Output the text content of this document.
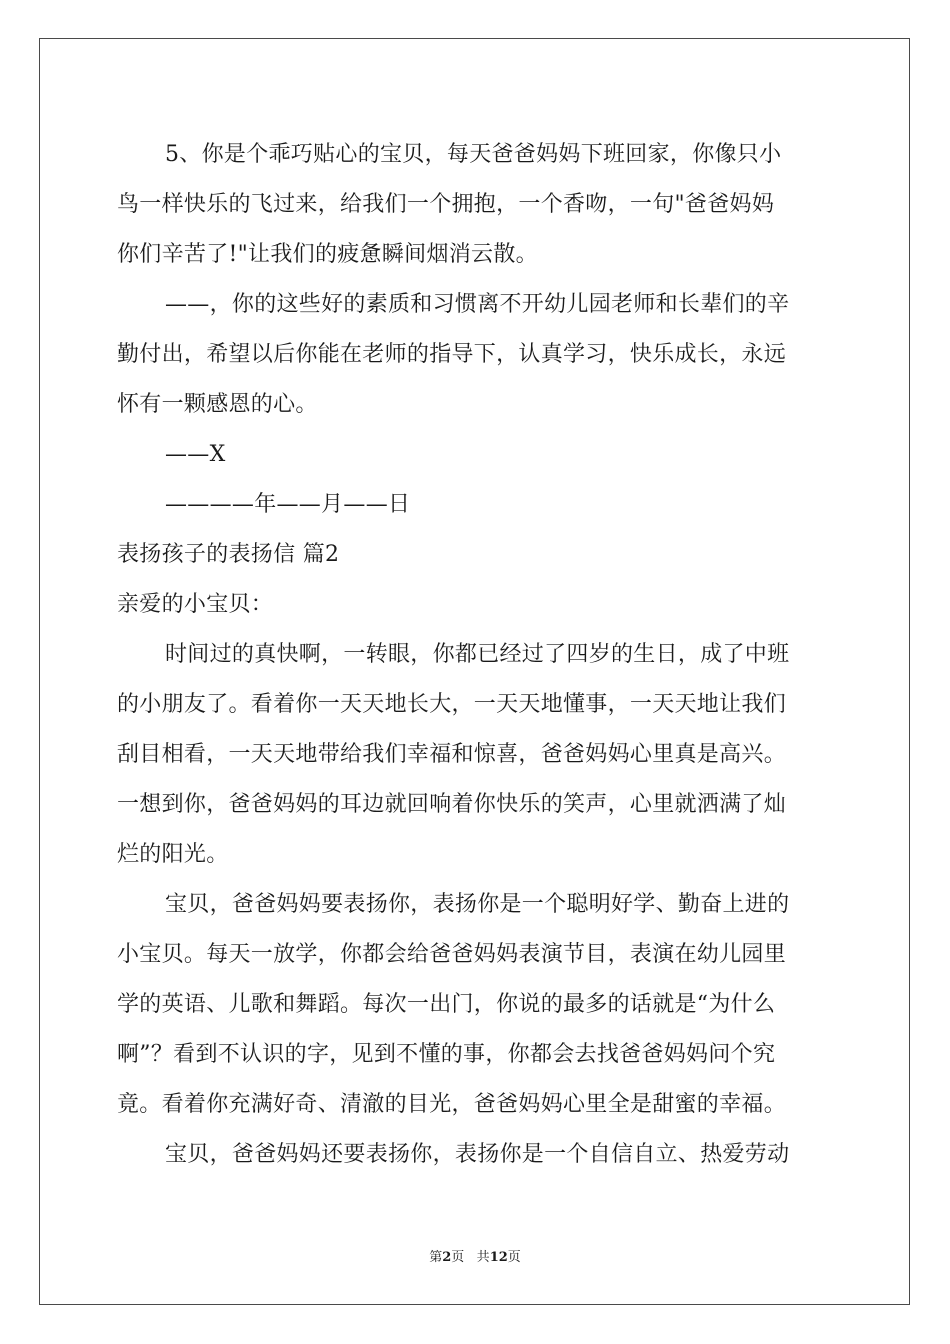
5、你是个乖巧贴心的宝贝，每天爸爸妈妈下班回家，你像只小
鸟一样快乐的飞过来，给我们一个拥抱，一个香吻，一句"爸爸妈妈
你们辛苦了!"让我们的疲惫瞬间烟消云散。
——，你的这些好的素质和习惯离不开幼儿园老师和长辈们的辛
勤付出，希望以后你能在老师的指导下，认真学习，快乐成长，永远
怀有一颗感恩的心。
——X
————年——月——日
表扬孩子的表扬信 篇2
亲爱的小宝贝：
时间过的真快啊，一转眼，你都已经过了四岁的生日，成了中班
的小朋友了。看着你一天天地长大，一天天地懂事，一天天地让我们
刮目相看，一天天地带给我们幸福和惊喜，爸爸妈妈心里真是高兴。
一想到你，爸爸妈妈的耳边就回响着你快乐的笑声，心里就洒满了灿
烂的阳光。
宝贝，爸爸妈妈要表扬你，表扬你是一个聪明好学、勤奋上进的
小宝贝。每天一放学，你都会给爸爸妈妈表演节目，表演在幼儿园里
学的英语、儿歌和舞蹈。每次一出门，你说的最多的话就是“为什么
啊”？看到不认识的字，见到不懂的事，你都会去找爸爸妈妈问个究
竟。看着你充满好奇、清澈的目光，爸爸妈妈心里全是甜蜜的幸福。
宝贝，爸爸妈妈还要表扬你，表扬你是一个自信自立、热爱劳动
第2页 共12页
